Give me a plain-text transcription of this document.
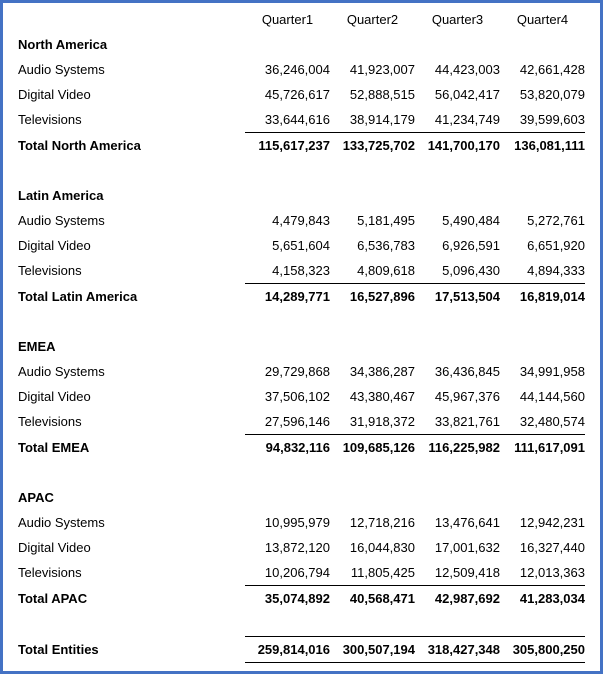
	Quarter1	Quarter2	Quarter3	Quarter4
North America				
Audio Systems	36,246,004	41,923,007	44,423,003	42,661,428
Digital Video	45,726,617	52,888,515	56,042,417	53,820,079
Televisions	33,644,616	38,914,179	41,234,749	39,599,603
Total North America	115,617,237	133,725,702	141,700,170	136,081,111

Latin America				
Audio Systems	4,479,843	5,181,495	5,490,484	5,272,761
Digital Video	5,651,604	6,536,783	6,926,591	6,651,920
Televisions	4,158,323	4,809,618	5,096,430	4,894,333
Total Latin America	14,289,771	16,527,896	17,513,504	16,819,014

EMEA				
Audio Systems	29,729,868	34,386,287	36,436,845	34,991,958
Digital Video	37,506,102	43,380,467	45,967,376	44,144,560
Televisions	27,596,146	31,918,372	33,821,761	32,480,574
Total EMEA	94,832,116	109,685,126	116,225,982	111,617,091

APAC				
Audio Systems	10,995,979	12,718,216	13,476,641	12,942,231
Digital Video	13,872,120	16,044,830	17,001,632	16,327,440
Televisions	10,206,794	11,805,425	12,509,418	12,013,363
Total APAC	35,074,892	40,568,471	42,987,692	41,283,034

Total Entities	259,814,016	300,507,194	318,427,348	305,800,250
